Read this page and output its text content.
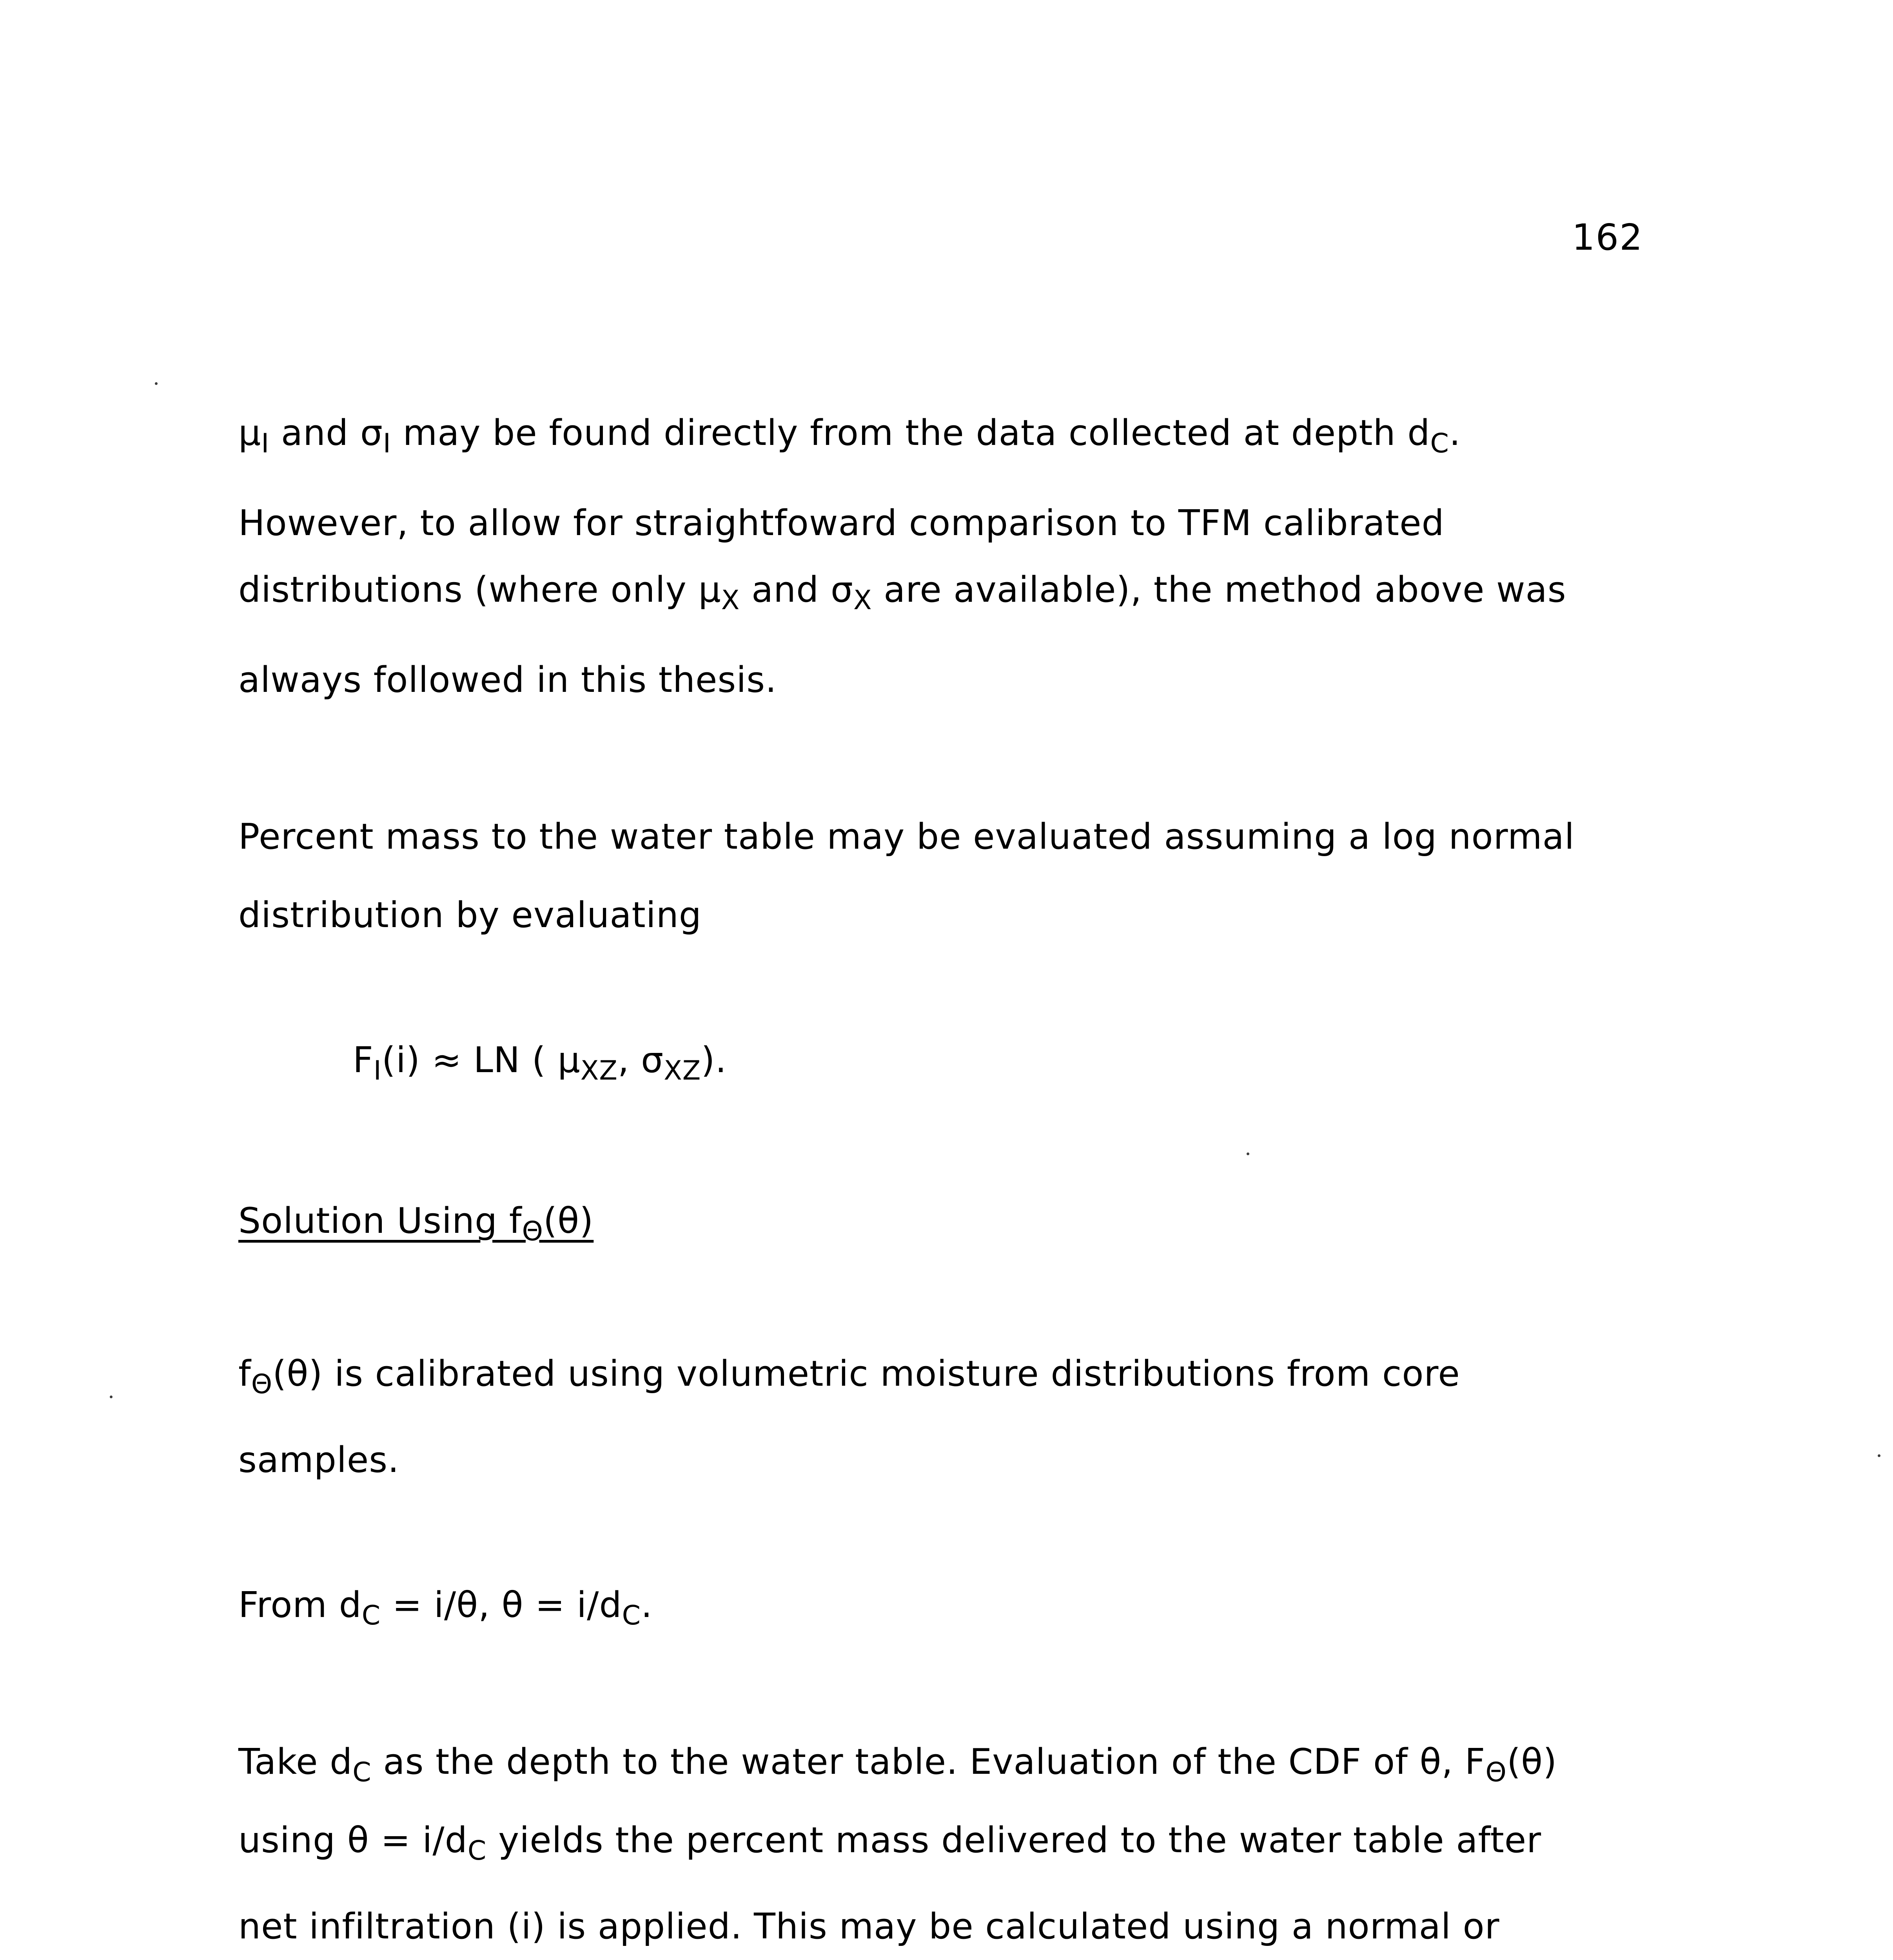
162
$\mu_I$ and $\sigma_I$ may be found directly from the data collected at depth $d_C$.
However, to allow for straightfoward comparison to TFM calibrated
distributions (where only $\mu_X$ and $\sigma_X$ are available), the method above was
always followed in this thesis.
Percent mass to the water table may be evaluated assuming a log normal
distribution by evaluating
$F_I(i)$ ≈ LN ( $\mu_{XZ}$, $\sigma_{XZ}$).
Solution Using $f_\Theta(\theta)$
$f_\Theta(\theta)$ is calibrated using volumetric moisture distributions from core
samples.
From $d_C = i/\theta$, $\theta = i/d_C$.
Take $d_C$ as the depth to the water table. Evaluation of the CDF of θ, $F_\Theta(\theta)$
using $\theta = i/d_C$ yields the percent mass delivered to the water table after
net infiltration (i) is applied. This may be calculated using a normal or
